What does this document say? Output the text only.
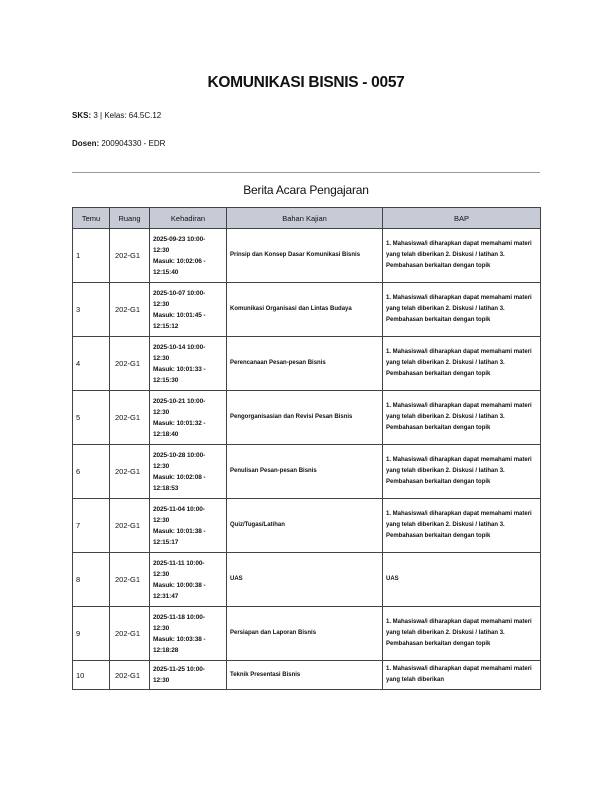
KOMUNIKASI BISNIS - 0057
SKS: 3 | Kelas: 64.5C.12
Dosen: 200904330 - EDR
Berita Acara Pengajaran
Temu	Ruang	Kehadiran	Bahan Kajian	BAP
1	202-G1	2025-09-23 10:00-
12:30
Masuk: 10:02:06 -
12:15:40	Prinsip dan Konsep Dasar Komunikasi Bisnis	1. Mahasiswa/i diharapkan dapat memahami materi yang telah diberikan 2. Diskusi / latihan 3. Pembahasan berkaitan dengan topik
3	202-G1	2025-10-07 10:00-
12:30
Masuk: 10:01:45 -
12:15:12	Komunikasi Organisasi dan Lintas Budaya	1. Mahasiswa/i diharapkan dapat memahami materi yang telah diberikan 2. Diskusi / latihan 3. Pembahasan berkaitan dengan topik
4	202-G1	2025-10-14 10:00-
12:30
Masuk: 10:01:33 -
12:15:30	Perencanaan Pesan-pesan Bisnis	1. Mahasiswa/i diharapkan dapat memahami materi yang telah diberikan 2. Diskusi / latihan 3. Pembahasan berkaitan dengan topik
5	202-G1	2025-10-21 10:00-
12:30
Masuk: 10:01:32 -
12:18:40	Pengorganisasian dan Revisi Pesan Bisnis	1. Mahasiswa/i diharapkan dapat memahami materi yang telah diberikan 2. Diskusi / latihan 3. Pembahasan berkaitan dengan topik
6	202-G1	2025-10-28 10:00-
12:30
Masuk: 10:02:08 -
12:18:53	Penulisan Pesan-pesan Bisnis	1. Mahasiswa/i diharapkan dapat memahami materi yang telah diberikan 2. Diskusi / latihan 3. Pembahasan berkaitan dengan topik
7	202-G1	2025-11-04 10:00-
12:30
Masuk: 10:01:38 -
12:15:17	Quiz/Tugas/Latihan	1. Mahasiswa/i diharapkan dapat memahami materi yang telah diberikan 2. Diskusi / latihan 3. Pembahasan berkaitan dengan topik
8	202-G1	2025-11-11 10:00-
12:30
Masuk: 10:00:38 -
12:31:47	UAS	UAS
9	202-G1	2025-11-18 10:00-
12:30
Masuk: 10:03:38 -
12:18:28	Persiapan dan Laporan Bisnis	1. Mahasiswa/i diharapkan dapat memahami materi yang telah diberikan 2. Diskusi / latihan 3. Pembahasan berkaitan dengan topik
10	202-G1	2025-11-25 10:00-
12:30	Teknik Presentasi Bisnis	1. Mahasiswa/i diharapkan dapat memahami materi yang telah diberikan
